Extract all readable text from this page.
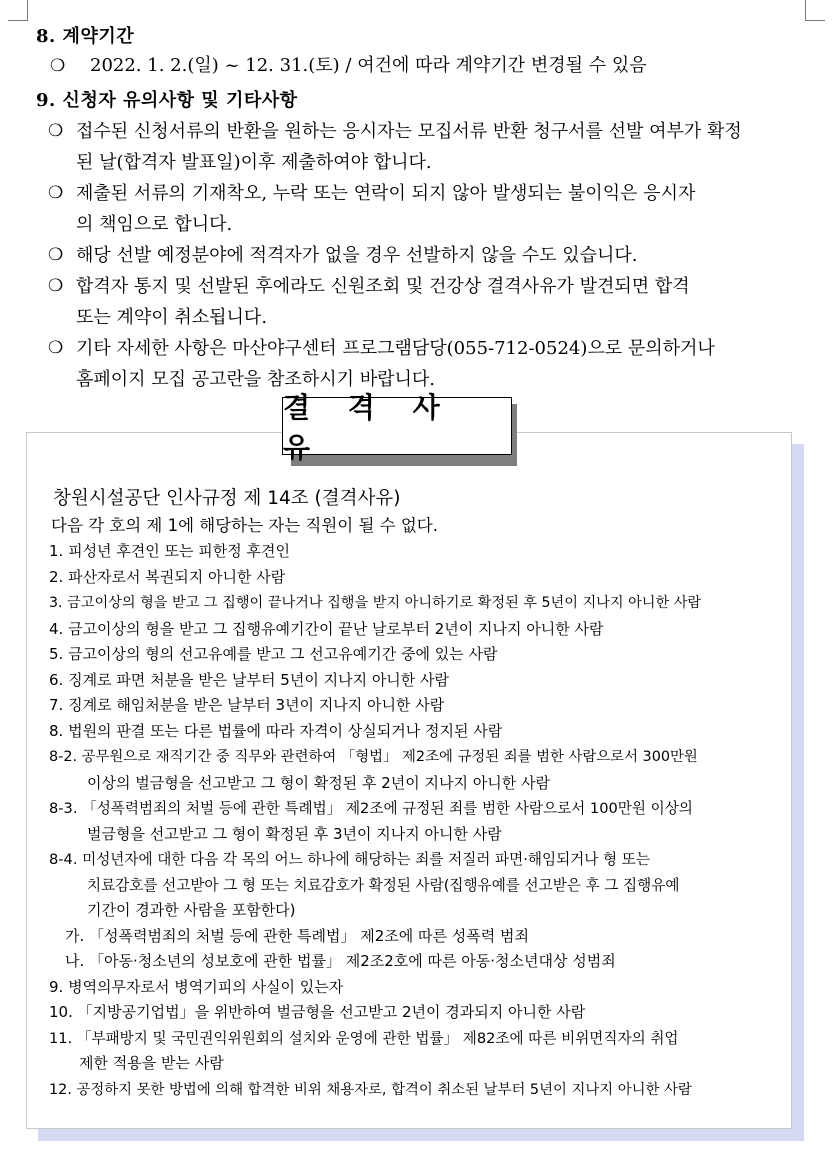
8. 계약기간
❍	2022. 1. 2.(일) ~ 12. 31.(토) / 여건에 따라 계약기간 변경될 수 있음
9. 신청자 유의사항 및 기타사항
❍ 접수된 신청서류의 반환을 원하는 응시자는 모집서류 반환 청구서를 선발 여부가 확정
된 날(합격자 발표일)이후 제출하여야 합니다.
❍ 제출된 서류의 기재착오, 누락 또는 연락이 되지 않아 발생되는 불이익은 응시자
의 책임으로 합니다.
❍ 해당 선발 예정분야에 적격자가 없을 경우 선발하지 않을 수도 있습니다.
❍ 합격자 통지 및 선발된 후에라도 신원조회 및 건강상 결격사유가 발견되면 합격
또는 계약이 취소됩니다.
❍ 기타 자세한 사항은 마산야구센터 프로그램담당(055-712-0524)으로 문의하거나
홈페이지 모집 공고란을 참조하시기 바랍니다.
창원시설공단 인사규정 제 14조 (결격사유)
다음 각 호의 제 1에 해당하는 자는 직원이 될 수 없다.
1. 피성년 후견인 또는 피한정 후견인
2. 파산자로서 복권되지 아니한 사람
3. 금고이상의 형을 받고 그 집행이 끝나거나 집행을 받지 아니하기로 확정된 후 5년이 지나지 아니한 사람
4. 금고이상의 형을 받고 그 집행유예기간이 끝난 날로부터 2년이 지나지 아니한 사람
5. 금고이상의 형의 선고유예를 받고 그 선고유예기간 중에 있는 사람
6. 징계로 파면 처분을 받은 날부터 5년이 지나지 아니한 사람
7. 징계로 해임처분을 받은 날부터 3년이 지나지 아니한 사람
8. 법원의 판결 또는 다른 법률에 따라 자격이 상실되거나 정지된 사람
8-2. 공무원으로 재직기간 중 직무와 관련하여 「형법」 제2조에 규정된 죄를 범한 사람으로서 300만원
이상의 벌금형을 선고받고 그 형이 확정된 후 2년이 지나지 아니한 사람
8-3. 「성폭력범죄의 처벌 등에 관한 특례법」 제2조에 규정된 죄를 범한 사람으로서 100만원 이상의
벌금형을 선고받고 그 형이 확정된 후 3년이 지나지 아니한 사람
8-4. 미성년자에 대한 다음 각 목의 어느 하나에 해당하는 죄를 저질러 파면·해임되거나 형 또는
치료감호를 선고받아 그 형 또는 치료감호가 확정된 사람(집행유예를 선고받은 후 그 집행유예
기간이 경과한 사람을 포함한다)
가. 「성폭력범죄의 처벌 등에 관한 특례법」 제2조에 따른 성폭력 범죄
나. 「아동·청소년의 성보호에 관한 법률」 제2조2호에 따른 아동·청소년대상 성범죄
9. 병역의무자로서 병역기피의 사실이 있는자
10. 「지방공기업법」을 위반하여 벌금형을 선고받고 2년이 경과되지 아니한 사람
11. 「부패방지 및 국민권익위원회의 설치와 운영에 관한 법률」 제82조에 따른 비위면직자의 취업
제한 적용을 받는 사람
12. 공정하지 못한 방법에 의해 합격한 비위 채용자로, 합격이 취소된 날부터 5년이 지나지 아니한 사람
결 격 사 유
